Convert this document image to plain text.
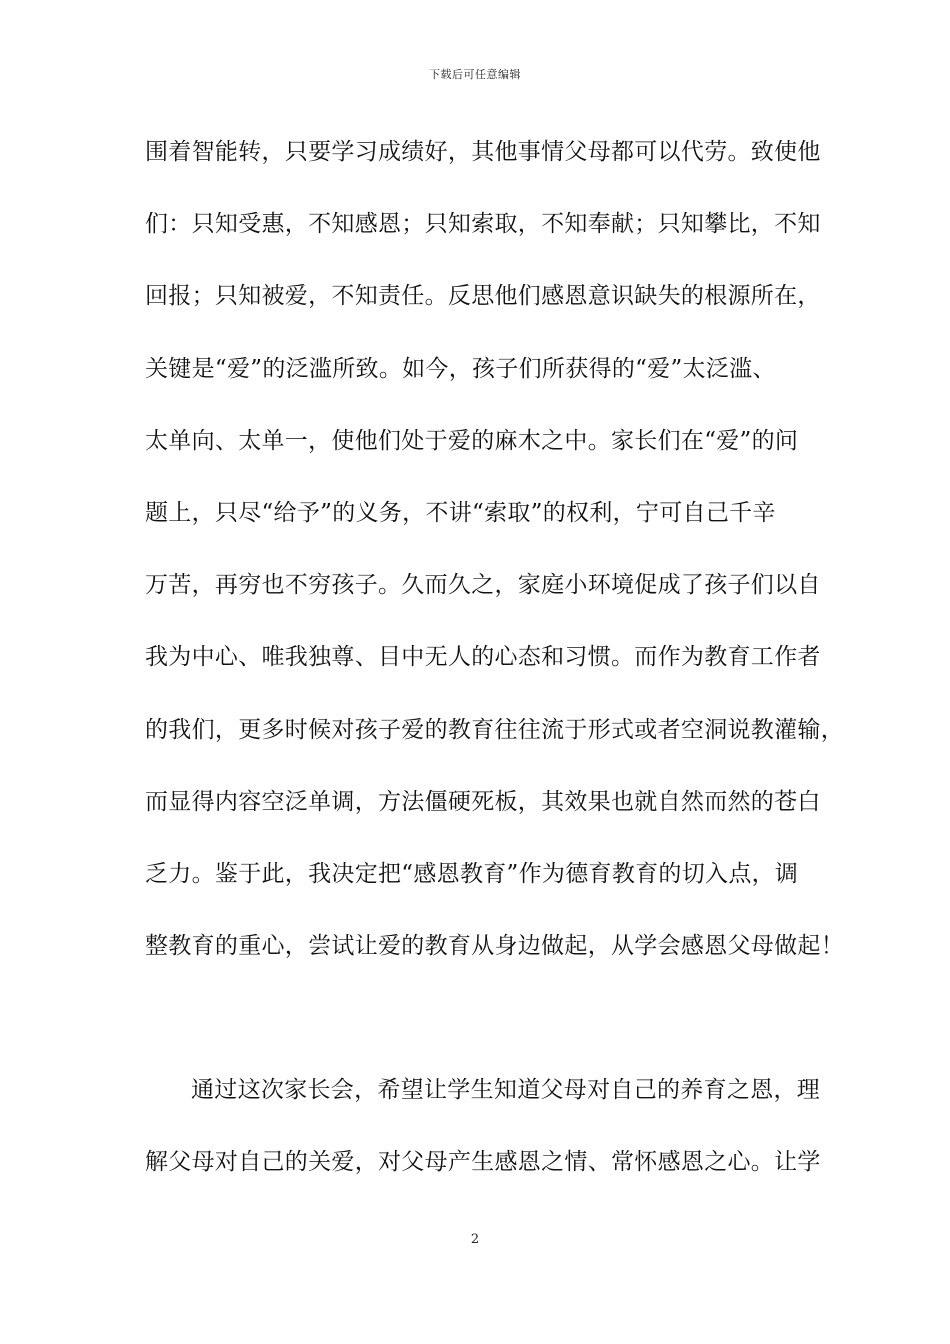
下载后可任意编辑
围着智能转，只要学习成绩好，其他事情父母都可以代劳。致使他
们：只知受惠，不知感恩；只知索取，不知奉献；只知攀比，不知
回报；只知被爱，不知责任。反思他们感恩意识缺失的根源所在，
关键是“爱”的泛滥所致。如今，孩子们所获得的“爱”太泛滥、
太单向、太单一，使他们处于爱的麻木之中。家长们在“爱”的问
题上，只尽“给予”的义务，不讲“索取”的权利，宁可自己千辛
万苦，再穷也不穷孩子。久而久之，家庭小环境促成了孩子们以自
我为中心、唯我独尊、目中无人的心态和习惯。而作为教育工作者
的我们，更多时候对孩子爱的教育往往流于形式或者空洞说教灌输，
而显得内容空泛单调，方法僵硬死板，其效果也就自然而然的苍白
乏力。鉴于此，我决定把“感恩教育”作为德育教育的切入点，调
整教育的重心，尝试让爱的教育从身边做起，从学会感恩父母做起！
通过这次家长会，希望让学生知道父母对自己的养育之恩，理
解父母对自己的关爱，对父母产生感恩之情、常怀感恩之心。让学
2
